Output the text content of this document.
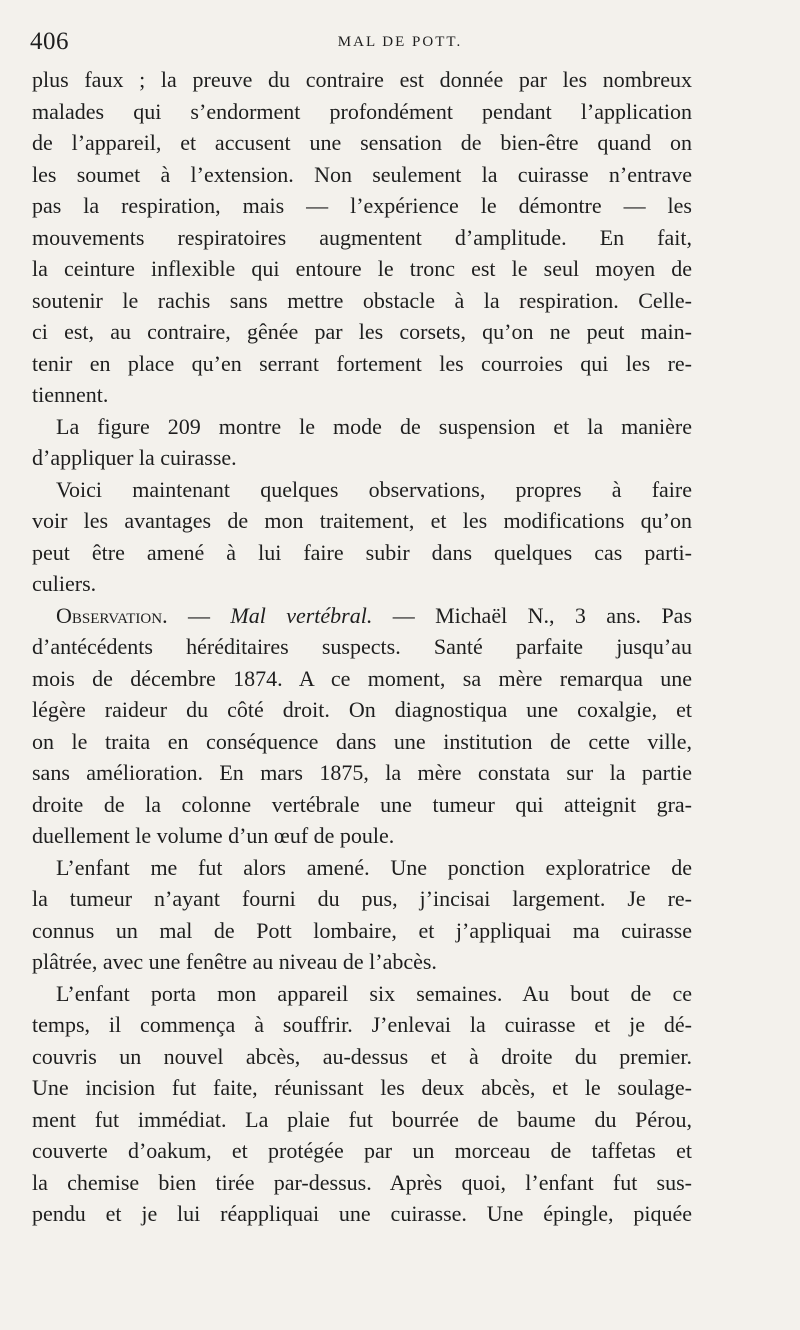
406	MAL DE POTT.
plus faux ; la preuve du contraire est donnée par les nombreux
malades qui s’endorment profondément pendant l’application
de l’appareil, et accusent une sensation de bien-être quand on
les soumet à l’extension. Non seulement la cuirasse n’entrave
pas la respiration, mais — l’expérience le démontre — les
mouvements respiratoires augmentent d’amplitude. En fait,
la ceinture inflexible qui entoure le tronc est le seul moyen de
soutenir le rachis sans mettre obstacle à la respiration. Celle-
ci est, au contraire, gênée par les corsets, qu’on ne peut main-
tenir en place qu’en serrant fortement les courroies qui les re-
tiennent.
La figure 209 montre le mode de suspension et la manière
d’appliquer la cuirasse.
Voici maintenant quelques observations, propres à faire
voir les avantages de mon traitement, et les modifications qu’on
peut être amené à lui faire subir dans quelques cas parti-
culiers.
Observation. — Mal vertébral. — Michaël N., 3 ans. Pas
d’antécédents héréditaires suspects. Santé parfaite jusqu’au
mois de décembre 1874. A ce moment, sa mère remarqua une
légère raideur du côté droit. On diagnostiqua une coxalgie, et
on le traita en conséquence dans une institution de cette ville,
sans amélioration. En mars 1875, la mère constata sur la partie
droite de la colonne vertébrale une tumeur qui atteignit gra-
duellement le volume d’un œuf de poule.
L’enfant me fut alors amené. Une ponction exploratrice de
la tumeur n’ayant fourni du pus, j’incisai largement. Je re-
connus un mal de Pott lombaire, et j’appliquai ma cuirasse
plâtrée, avec une fenêtre au niveau de l’abcès.
L’enfant porta mon appareil six semaines. Au bout de ce
temps, il commença à souffrir. J’enlevai la cuirasse et je dé-
couvris un nouvel abcès, au-dessus et à droite du premier.
Une incision fut faite, réunissant les deux abcès, et le soulage-
ment fut immédiat. La plaie fut bourrée de baume du Pérou,
couverte d’oakum, et protégée par un morceau de taffetas et
la chemise bien tirée par-dessus. Après quoi, l’enfant fut sus-
pendu et je lui réappliquai une cuirasse. Une épingle, piquée
